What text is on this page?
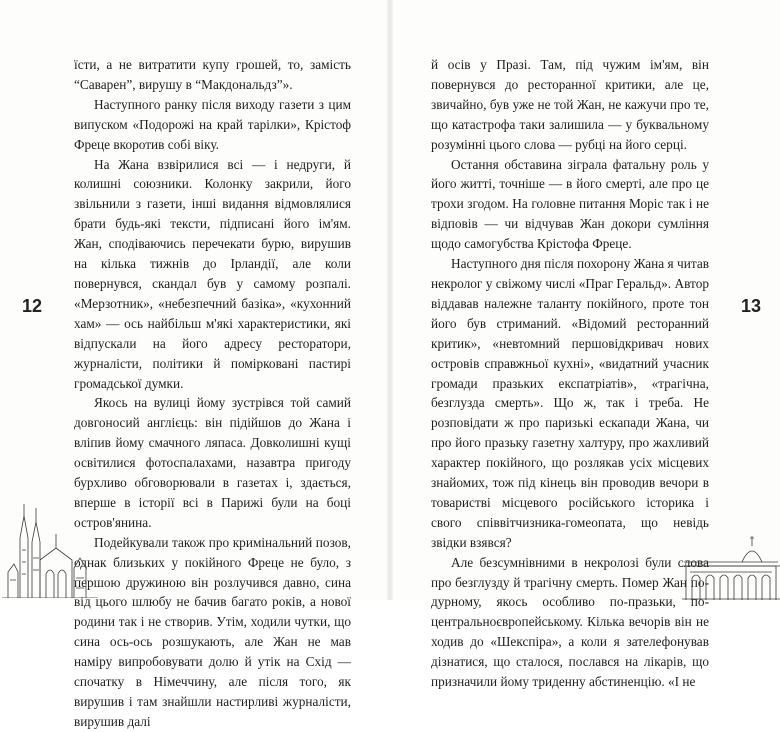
їсти, а не витратити купу грошей, то, замість “Саварен”, вирушу в “Макдональдз”».

Наступного ранку після виходу газети з цим випуском «Подорожі на край тарілки», Крістоф Фреце вкоротив собі віку.

На Жана взвірилися всі — і недруги, й колишні союзники. Колонку закрили, його звільнили з газети, інші видання відмовлялися брати будь-які тексти, підписані його ім'ям. Жан, сподіваючись перечекати бурю, вирушив на кілька тижнів до Ірландії, але коли повернувся, скандал був у самому розпалі. «Мерзотник», «небезпечний базіка», «кухонний хам» — ось найбільш м'які характеристики, які відпускали на його адресу ресторатори, журналісти, політики й поміркованi пастирі громадської думки.

Якось на вулиці йому зустрівся той самий довгоносий англієць: він підійшов до Жана і вліпив йому смачного ляпаса. Довколишні кущі освітилися фотоспалахами, назавтра пригоду бурхливо обговорювали в газетах і, здається, вперше в історії всі в Парижі були на боці остров'янина.

Подейкували також про кримінальний позов, однак близьких у покійного Фреце не було, з першою дружиною він розлучився давно, сина від цього шлюбу не бачив багато років, а нової родини так і не створив. Утім, ходили чутки, що сина ось-ось розшукають, але Жан не мав наміру випробовувати долю й утік на Схід — спочатку в Німеччину, але після того, як вирушив і там знайшли настирливі журналісти, вирушив далі

й осів у Празі. Там, під чужим ім'ям, він повернувся до ресторанної критики, але це, звичайно, був уже не той Жан, не кажучи про те, що катастрофа таки залишила — у буквальному розумінні цього слова — рубці на його серці.

Остання обставина зіграла фатальну роль у його житті, точніше — в його смерті, але про це трохи згодом. На головне питання Моріс так і не відповів — чи відчував Жан докори сумління щодо самогубства Крістофа Фреце.

Наступного дня після похорону Жана я читав некролог у свіжому числі «Праг Геральд». Автор віддавав належне таланту покійного, проте тон його був стриманий. «Відомий ресторанний критик», «невтомний першовідкривач нових островів справжньої кухні», «видатний учасник громади празьких експатріатів», «трагічна, безглузда смерть». Що ж, так і треба. Не розповідати ж про паризькі ескапади Жана, чи про його празьку газетну халтуру, про жахливий характер покійного, що розлякав усіх місцевих знайомих, тож під кінець він проводив вечори в товаристві місцевого російського історика і свого співвітчизника-гомеопата, що невідь звідки взявся?

Але безсумнівними в некролозі були слова про безглузду й трагічну смерть. Помер Жан по-дурному, якось особливо по-празьки, по-центральноєвропейському. Кілька вечорів він не ходив до «Шекспіра», а коли я зателефонував дізнатися, що сталося, послався на лікарів, що призначили йому триденну абстиненцію. «І не

12	13
